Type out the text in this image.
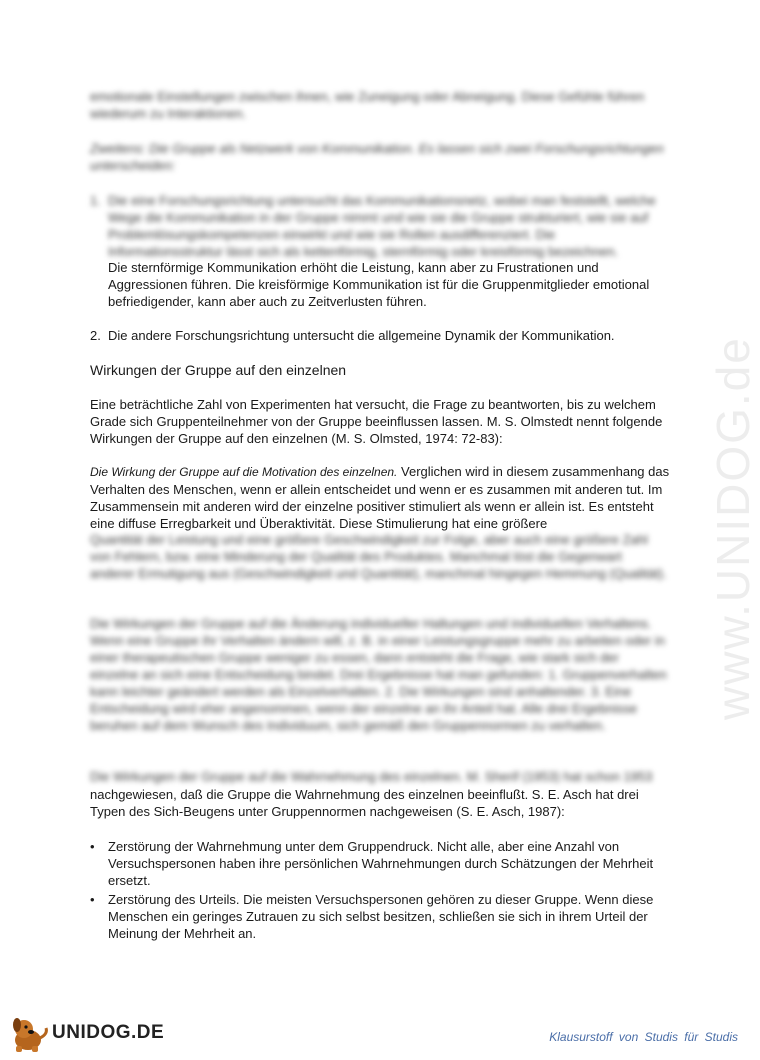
www.UNIDOG.de

emotionale Einstellungen zwischen ihnen, wie Zuneigung oder Abneigung. Diese Gefühle führen wiederum zu Interaktionen.

Zweitens: Die Gruppe als Netzwerk von Kommunikation. Es lassen sich zwei Forschungsrichtungen unterscheiden:

1. Die eine Forschungsrichtung untersucht das Kommunikationsnetz, wobei man feststellt, welche Wege die Kommunikation in der Gruppe nimmt und wie sie die Gruppe strukturiert, wie sie auf Problemlösungskompetenzen einwirkt und wie sie Rollen ausdifferenziert. Die Informationsstruktur lässt sich als kettenförmig, sternförmig oder kreisförmig bezeichnen.

Die sternförmige Kommunikation erhöht die Leistung, kann aber zu Frustrationen und Aggressionen führen. Die kreisförmige Kommunikation ist für die Gruppenmitglieder emotional befriedigender, kann aber auch zu Zeitverlusten führen.

2. Die andere Forschungsrichtung untersucht die allgemeine Dynamik der Kommunikation.

Wirkungen der Gruppe auf den einzelnen

Eine beträchtliche Zahl von Experimenten hat versucht, die Frage zu beantworten, bis zu welchem Grade sich Gruppenteilnehmer von der Gruppe beeinflussen lassen. M. S. Olmstedt nennt folgende Wirkungen der Gruppe auf den einzelnen (M. S. Olmsted, 1974: 72-83):

Die Wirkung der Gruppe auf die Motivation des einzelnen. Verglichen wird in diesem zusammenhang das Verhalten des Menschen, wenn er allein entscheidet und wenn er es zusammen mit anderen tut. Im Zusammensein mit anderen wird der einzelne positiver stimuliert als wenn er allein ist. Es entsteht eine diffuse Erregbarkeit und Überaktivität. Diese Stimulierung hat eine größere

Quantität der Leistung und eine größere Geschwindigkeit zur Folge, aber auch eine größere Zahl von Fehlern, bzw. eine Minderung der Qualität des Produktes. Manchmal löst die Gegenwart anderer Ermutigung aus (Geschwindigkeit und Quantität), manchmal hingegen Hemmung (Qualität).

Die Wirkungen der Gruppe auf die Änderung individueller Haltungen und individuellen Verhaltens. Wenn eine Gruppe ihr Verhalten ändern will, z. B. in einer Leistungsgruppe mehr zu arbeiten oder in einer therapeutischen Gruppe weniger zu essen, dann entsteht die Frage, wie stark sich der einzelne an sich eine Entscheidung bindet. Drei Ergebnisse hat man gefunden: 1. Gruppenverhalten kann leichter geändert werden als Einzelverhalten. 2. Die Wirkungen sind anhaltender. 3. Eine Entscheidung wird eher angenommen, wenn der einzelne an ihr Anteil hat. Alle drei Ergebnisse beruhen auf dem Wunsch des Individuum, sich gemäß den Gruppennormen zu verhalten.

Die Wirkungen der Gruppe auf die Wahrnehmung des einzelnen. M. Sherif (1953) hat schon 1953

nachgewiesen, daß die Gruppe die Wahrnehmung des einzelnen beeinflußt. S. E. Asch hat drei Typen des Sich-Beugens unter Gruppennormen nachgeweisen (S. E. Asch, 1987):

• Zerstörung der Wahrnehmung unter dem Gruppendruck. Nicht alle, aber eine Anzahl von Versuchspersonen haben ihre persönlichen Wahrnehmungen durch Schätzungen der Mehrheit ersetzt.

• Zerstörung des Urteils. Die meisten Versuchspersonen gehören zu dieser Gruppe. Wenn diese Menschen ein geringes Zutrauen zu sich selbst besitzen, schließen sie sich in ihrem Urteil der Meinung der Mehrheit an.

UNIDOG.DE	Klausurstoff von Studis für Studis
